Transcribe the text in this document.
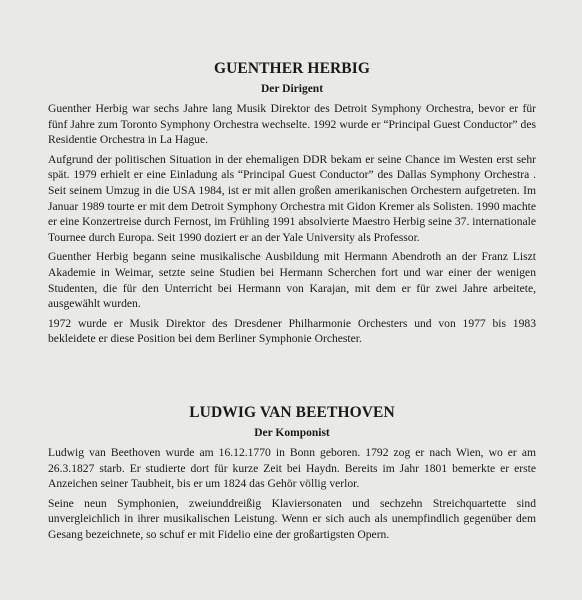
GUENTHER HERBIG
Der Dirigent

Guenther Herbig war sechs Jahre lang Musik Direktor des Detroit Symphony Orchestra, bevor er für fünf Jahre zum Toronto Symphony Orchestra wechselte. 1992 wurde er “Principal Guest Conductor” des Residentie Orchestra in La Hague.

Aufgrund der politischen Situation in der ehemaligen DDR bekam er seine Chance im Westen erst sehr spät. 1979 erhielt er eine Einladung als “Principal Guest Conductor” des Dallas Symphony Orchestra . Seit seinem Umzug in die USA 1984, ist er mit allen großen amerikanischen Orchestern aufgetreten. Im Januar 1989 tourte er mit dem Detroit Symphony Orchestra mit Gidon Kremer als Solisten. 1990 machte er eine Konzertreise durch Fernost, im Frühling 1991 absolvierte Maestro Herbig seine 37. internationale Tournee durch Europa. Seit 1990 doziert er an der Yale University als Professor.

Guenther Herbig begann seine musikalische Ausbildung mit Hermann Abendroth an der Franz Liszt Akademie in Weimar, setzte seine Studien bei Hermann Scherchen fort und war einer der wenigen Studenten, die für den Unterricht bei Hermann von Karajan, mit dem er für zwei Jahre arbeitete, ausgewählt wurden.

1972 wurde er Musik Direktor des Dresdener Philharmonie Orchesters und von 1977 bis 1983 bekleidete er diese Position bei dem Berliner Symphonie Orchester.

LUDWIG VAN BEETHOVEN
Der Komponist

Ludwig van Beethoven wurde am 16.12.1770 in Bonn geboren. 1792 zog er nach Wien, wo er am 26.3.1827 starb. Er studierte dort für kurze Zeit bei Haydn. Bereits im Jahr 1801 bemerkte er erste Anzeichen seiner Taubheit, bis er um 1824 das Gehör völlig verlor.

Seine neun Symphonien, zweiunddreißig Klaviersonaten und sechzehn Streichquartette sind unvergleichlich in ihrer musikalischen Leistung. Wenn er sich auch als unempfindlich gegenüber dem Gesang bezeichnete, so schuf er mit Fidelio eine der großartigsten Opern.
